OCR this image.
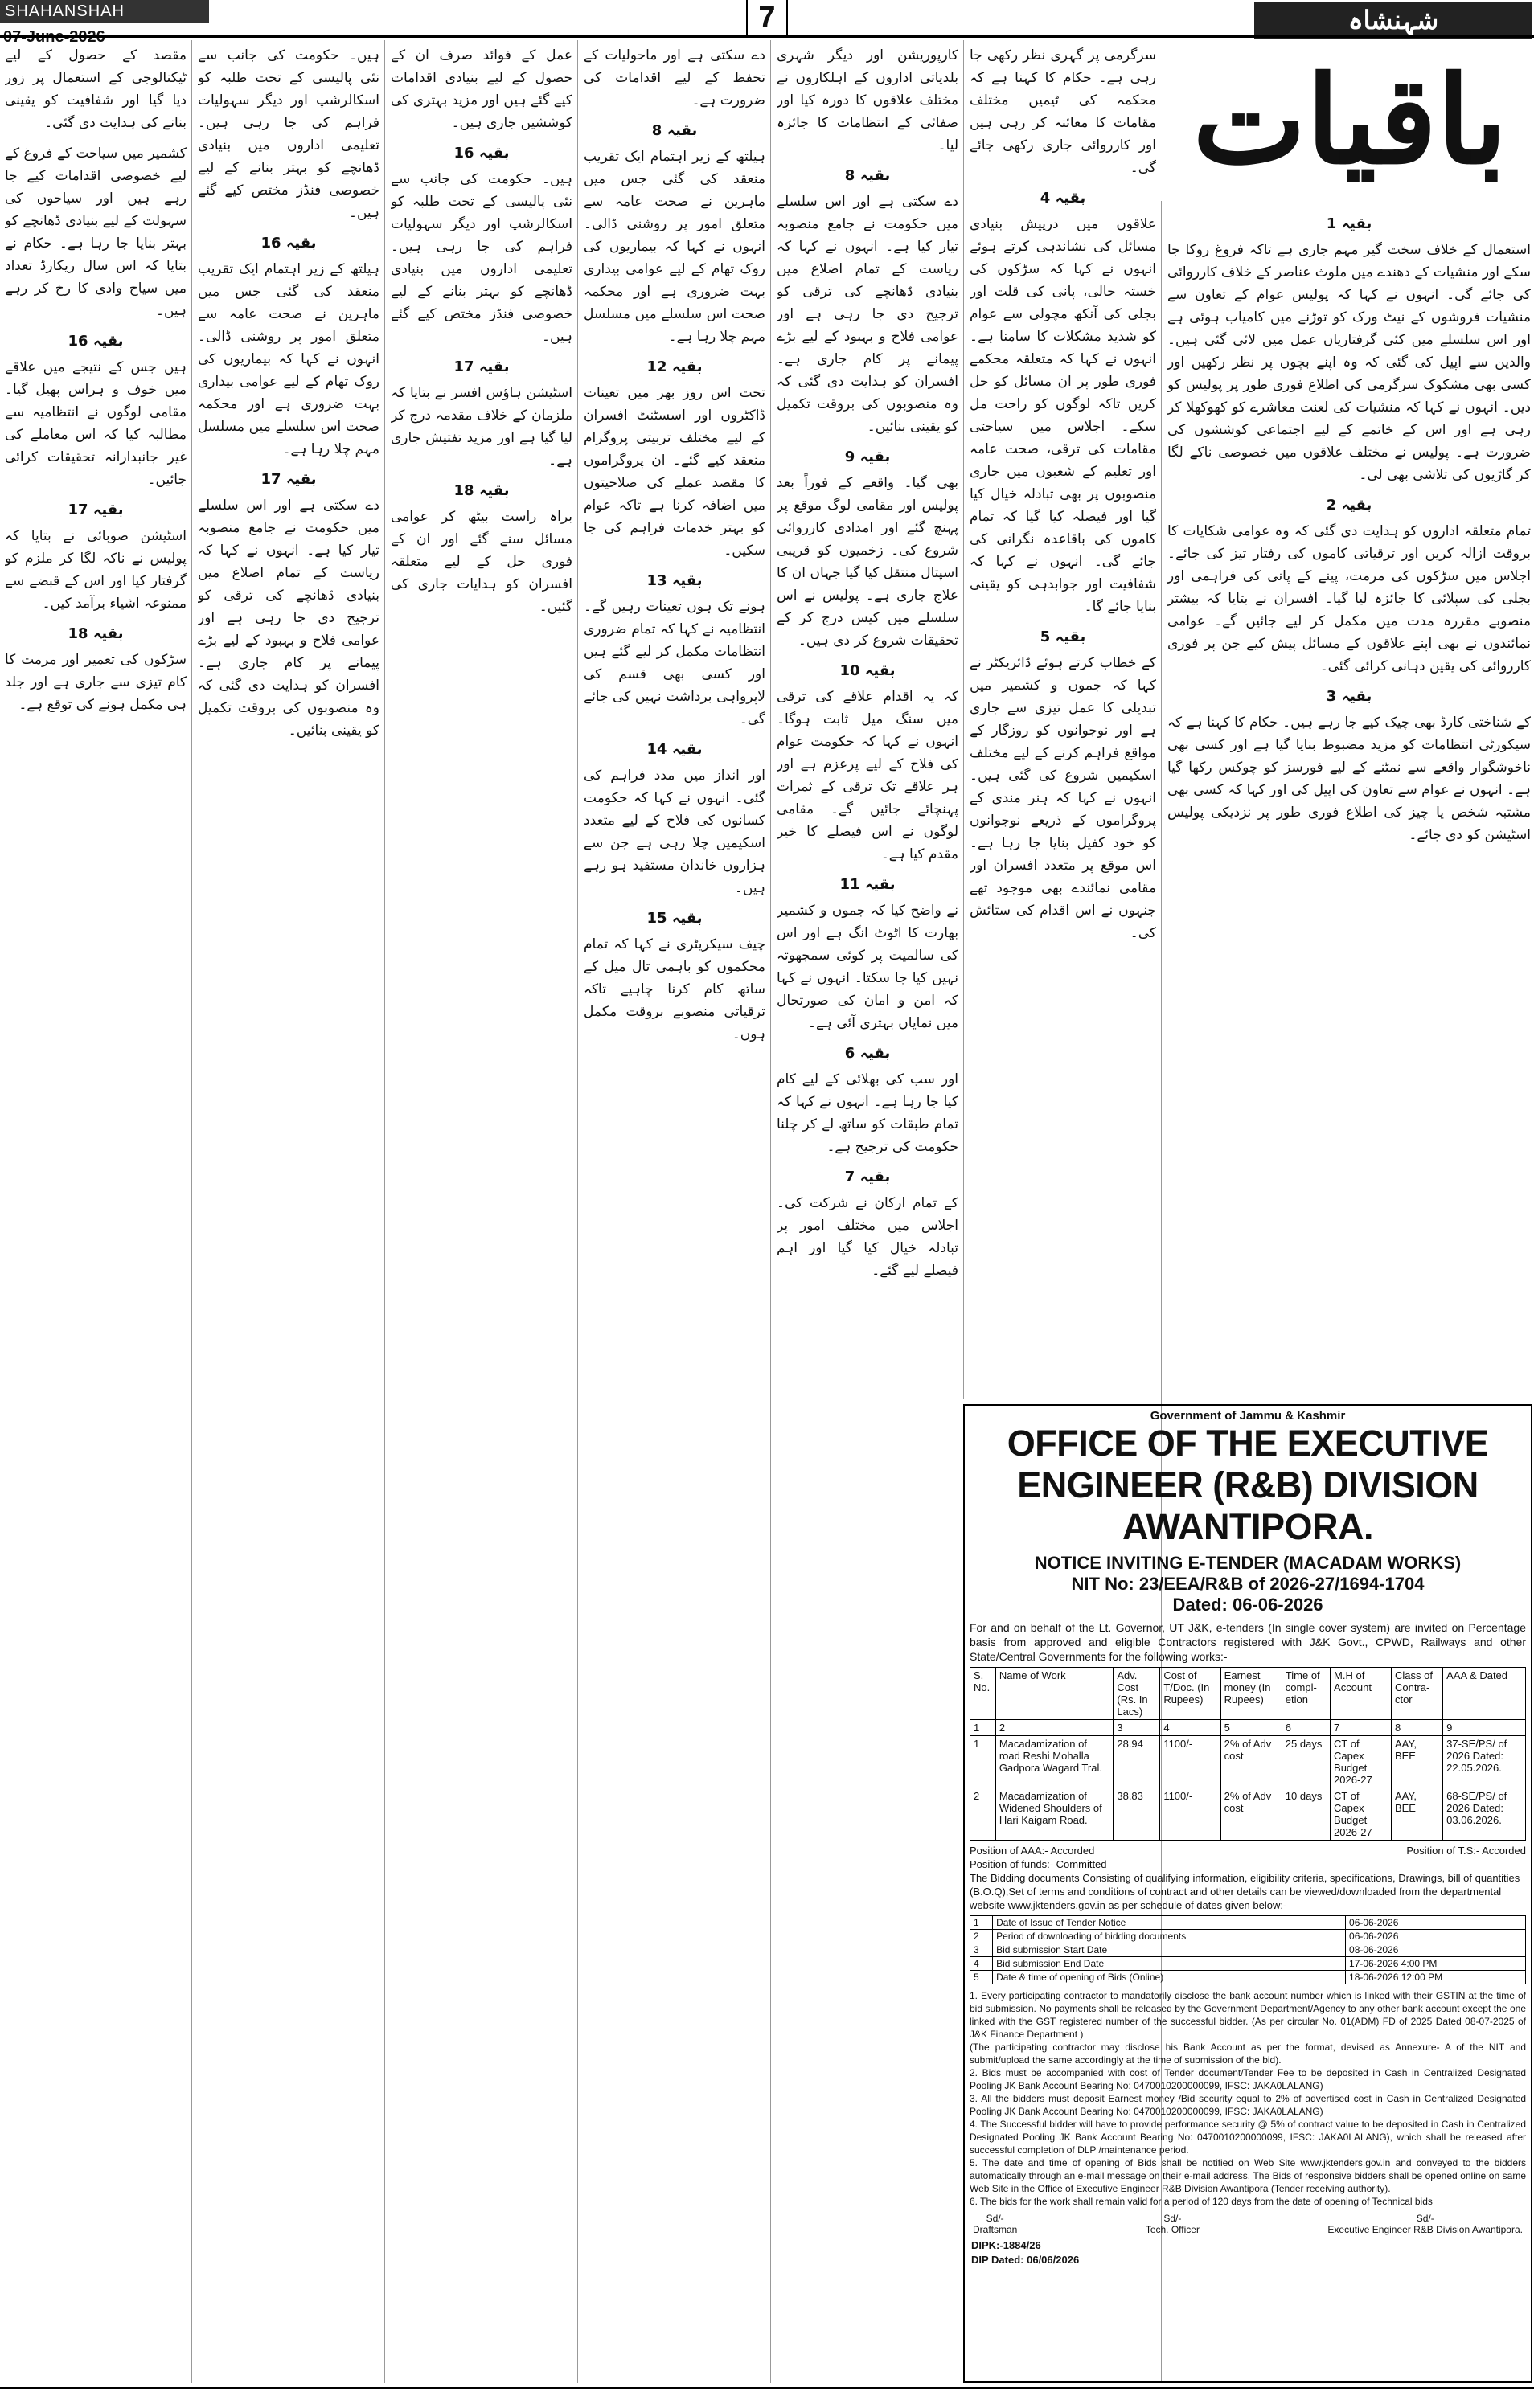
SHAHANSHAH	7	شہنشاہ
باقیات
بقیہ 1
استعمال کے خلاف سخت گیر مہم جاری ہے تاکہ فروغ روکا جا سکے اور منشیات کے دھندے میں ملوث عناصر کے خلاف کارروائی کی جائے گی۔ انہوں نے کہا کہ پولیس عوام کے تعاون سے منشیات فروشوں کے نیٹ ورک کو توڑنے میں کامیاب ہوئی ہے اور اس سلسلے میں کئی گرفتاریاں عمل میں لائی گئی ہیں۔ والدین سے اپیل کی گئی کہ وہ اپنے بچوں پر نظر رکھیں اور کسی بھی مشکوک سرگرمی کی اطلاع فوری طور پر پولیس کو دیں۔ انہوں نے کہا کہ منشیات کی لعنت معاشرے کو کھوکھلا کر رہی ہے اور اس کے خاتمے کے لیے اجتماعی کوششوں کی ضرورت ہے۔ پولیس نے مختلف علاقوں میں خصوصی ناکے لگا کر گاڑیوں کی تلاشی بھی لی۔
بقیہ 2
تمام متعلقہ اداروں کو ہدایت دی گئی کہ وہ عوامی شکایات کا بروقت ازالہ کریں اور ترقیاتی کاموں کی رفتار تیز کی جائے۔ اجلاس میں سڑکوں کی مرمت، پینے کے پانی کی فراہمی اور بجلی کی سپلائی کا جائزہ لیا گیا۔ افسران نے بتایا کہ بیشتر منصوبے مقررہ مدت میں مکمل کر لیے جائیں گے۔ عوامی نمائندوں نے بھی اپنے علاقوں کے مسائل پیش کیے جن پر فوری کارروائی کی یقین دہانی کرائی گئی۔
بقیہ 3
کے شناختی کارڈ بھی چیک کیے جا رہے ہیں۔ حکام کا کہنا ہے کہ سیکورٹی انتظامات کو مزید مضبوط بنایا گیا ہے اور کسی بھی ناخوشگوار واقعے سے نمٹنے کے لیے فورسز کو چوکس رکھا گیا ہے۔ انہوں نے عوام سے تعاون کی اپیل کی اور کہا کہ کسی بھی مشتبہ شخص یا چیز کی اطلاع فوری طور پر نزدیکی پولیس اسٹیشن کو دی جائے۔
سرگرمی پر گہری نظر رکھی جا رہی ہے۔ حکام کا کہنا ہے کہ محکمہ کی ٹیمیں مختلف مقامات کا معائنہ کر رہی ہیں اور کارروائی جاری رکھی جائے گی۔
بقیہ 4
علاقوں میں درپیش بنیادی مسائل کی نشاندہی کرتے ہوئے انہوں نے کہا کہ سڑکوں کی خستہ حالی، پانی کی قلت اور بجلی کی آنکھ مچولی سے عوام کو شدید مشکلات کا سامنا ہے۔ انہوں نے کہا کہ متعلقہ محکمے فوری طور پر ان مسائل کو حل کریں تاکہ لوگوں کو راحت مل سکے۔ اجلاس میں سیاحتی مقامات کی ترقی، صحت عامہ اور تعلیم کے شعبوں میں جاری منصوبوں پر بھی تبادلہ خیال کیا گیا اور فیصلہ کیا گیا کہ تمام کاموں کی باقاعدہ نگرانی کی جائے گی۔ انہوں نے کہا کہ شفافیت اور جوابدہی کو یقینی بنایا جائے گا۔
بقیہ 5
کے خطاب کرتے ہوئے ڈائریکٹر نے کہا کہ جموں و کشمیر میں تبدیلی کا عمل تیزی سے جاری ہے اور نوجوانوں کو روزگار کے مواقع فراہم کرنے کے لیے مختلف اسکیمیں شروع کی گئی ہیں۔ انہوں نے کہا کہ ہنر مندی کے پروگراموں کے ذریعے نوجوانوں کو خود کفیل بنایا جا رہا ہے۔ اس موقع پر متعدد افسران اور مقامی نمائندے بھی موجود تھے جنہوں نے اس اقدام کی ستائش کی۔
کارپوریشن اور دیگر شہری بلدیاتی اداروں کے اہلکاروں نے مختلف علاقوں کا دورہ کیا اور صفائی کے انتظامات کا جائزہ لیا۔
بقیہ 8
دے سکتی ہے اور اس سلسلے میں حکومت نے جامع منصوبہ تیار کیا ہے۔ انہوں نے کہا کہ ریاست کے تمام اضلاع میں بنیادی ڈھانچے کی ترقی کو ترجیح دی جا رہی ہے اور عوامی فلاح و بہبود کے لیے بڑے پیمانے پر کام جاری ہے۔ افسران کو ہدایت دی گئی کہ وہ منصوبوں کی بروقت تکمیل کو یقینی بنائیں۔
بقیہ 9
بھی گیا۔ واقعے کے فوراً بعد پولیس اور مقامی لوگ موقع پر پہنچ گئے اور امدادی کارروائی شروع کی۔ زخمیوں کو قریبی اسپتال منتقل کیا گیا جہاں ان کا علاج جاری ہے۔ پولیس نے اس سلسلے میں کیس درج کر کے تحقیقات شروع کر دی ہیں۔
بقیہ 10
کہ یہ اقدام علاقے کی ترقی میں سنگ میل ثابت ہوگا۔ انہوں نے کہا کہ حکومت عوام کی فلاح کے لیے پرعزم ہے اور ہر علاقے تک ترقی کے ثمرات پہنچائے جائیں گے۔ مقامی لوگوں نے اس فیصلے کا خیر مقدم کیا ہے۔
بقیہ 11
نے واضح کیا کہ جموں و کشمیر بھارت کا اٹوٹ انگ ہے اور اس کی سالمیت پر کوئی سمجھوتہ نہیں کیا جا سکتا۔ انہوں نے کہا کہ امن و امان کی صورتحال میں نمایاں بہتری آئی ہے۔
بقیہ 6
اور سب کی بھلائی کے لیے کام کیا جا رہا ہے۔ انہوں نے کہا کہ تمام طبقات کو ساتھ لے کر چلنا حکومت کی ترجیح ہے۔
بقیہ 7
کے تمام ارکان نے شرکت کی۔ اجلاس میں مختلف امور پر تبادلہ خیال کیا گیا اور اہم فیصلے لیے گئے۔
دے سکتی ہے اور ماحولیات کے تحفظ کے لیے اقدامات کی ضرورت ہے۔
بقیہ 8
ہیلتھ کے زیر اہتمام ایک تقریب منعقد کی گئی جس میں ماہرین نے صحت عامہ سے متعلق امور پر روشنی ڈالی۔ انہوں نے کہا کہ بیماریوں کی روک تھام کے لیے عوامی بیداری بہت ضروری ہے اور محکمہ صحت اس سلسلے میں مسلسل مہم چلا رہا ہے۔
بقیہ 12
تحت اس روز بھر میں تعینات ڈاکٹروں اور اسسٹنٹ افسران کے لیے مختلف تربیتی پروگرام منعقد کیے گئے۔ ان پروگراموں کا مقصد عملے کی صلاحیتوں میں اضافہ کرنا ہے تاکہ عوام کو بہتر خدمات فراہم کی جا سکیں۔
بقیہ 13
ہونے تک ہوں تعینات رہیں گے۔ انتظامیہ نے کہا کہ تمام ضروری انتظامات مکمل کر لیے گئے ہیں اور کسی بھی قسم کی لاپرواہی برداشت نہیں کی جائے گی۔
بقیہ 14
اور انداز میں مدد فراہم کی گئی۔ انہوں نے کہا کہ حکومت کسانوں کی فلاح کے لیے متعدد اسکیمیں چلا رہی ہے جن سے ہزاروں خاندان مستفید ہو رہے ہیں۔
بقیہ 15
چیف سیکریٹری نے کہا کہ تمام محکموں کو باہمی تال میل کے ساتھ کام کرنا چاہیے تاکہ ترقیاتی منصوبے بروقت مکمل ہوں۔
عمل کے فوائد صرف ان کے حصول کے لیے بنیادی اقدامات کیے گئے ہیں اور مزید بہتری کی کوششیں جاری ہیں۔
بقیہ 16
ہیں۔ حکومت کی جانب سے نئی پالیسی کے تحت طلبہ کو اسکالرشپ اور دیگر سہولیات فراہم کی جا رہی ہیں۔ تعلیمی اداروں میں بنیادی ڈھانچے کو بہتر بنانے کے لیے خصوصی فنڈز مختص کیے گئے ہیں۔
بقیہ 17
اسٹیشن ہاؤس افسر نے بتایا کہ ملزمان کے خلاف مقدمہ درج کر لیا گیا ہے اور مزید تفتیش جاری ہے۔
بقیہ 18
براہ راست بیٹھ کر عوامی مسائل سنے گئے اور ان کے فوری حل کے لیے متعلقہ افسران کو ہدایات جاری کی گئیں۔
مقصد کے حصول کے لیے ٹیکنالوجی کے استعمال پر زور دیا گیا اور شفافیت کو یقینی بنانے کی ہدایت دی گئی۔
کشمیر میں سیاحت کے فروغ کے لیے خصوصی اقدامات کیے جا رہے ہیں اور سیاحوں کی سہولت کے لیے بنیادی ڈھانچے کو بہتر بنایا جا رہا ہے۔ حکام نے بتایا کہ اس سال ریکارڈ تعداد میں سیاح وادی کا رخ کر رہے ہیں۔
بقیہ 16
ہیں جس کے نتیجے میں علاقے میں خوف و ہراس پھیل گیا۔ مقامی لوگوں نے انتظامیہ سے مطالبہ کیا کہ اس معاملے کی غیر جانبدارانہ تحقیقات کرائی جائیں۔
بقیہ 17
اسٹیشن صوبائی نے بتایا کہ پولیس نے ناکہ لگا کر ملزم کو گرفتار کیا اور اس کے قبضے سے ممنوعہ اشیاء برآمد کیں۔
بقیہ 18
سڑکوں کی تعمیر اور مرمت کا کام تیزی سے جاری ہے اور جلد ہی مکمل ہونے کی توقع ہے۔
ہیں۔ حکومت کی جانب سے نئی پالیسی کے تحت طلبہ کو اسکالرشپ اور دیگر سہولیات فراہم کی جا رہی ہیں۔ تعلیمی اداروں میں بنیادی ڈھانچے کو بہتر بنانے کے لیے خصوصی فنڈز مختص کیے گئے ہیں۔
بقیہ 16
ہیلتھ کے زیر اہتمام ایک تقریب منعقد کی گئی جس میں ماہرین نے صحت عامہ سے متعلق امور پر روشنی ڈالی۔ انہوں نے کہا کہ بیماریوں کی روک تھام کے لیے عوامی بیداری بہت ضروری ہے اور محکمہ صحت اس سلسلے میں مسلسل مہم چلا رہا ہے۔
بقیہ 17
دے سکتی ہے اور اس سلسلے میں حکومت نے جامع منصوبہ تیار کیا ہے۔ انہوں نے کہا کہ ریاست کے تمام اضلاع میں بنیادی ڈھانچے کی ترقی کو ترجیح دی جا رہی ہے اور عوامی فلاح و بہبود کے لیے بڑے پیمانے پر کام جاری ہے۔ افسران کو ہدایت دی گئی کہ وہ منصوبوں کی بروقت تکمیل کو یقینی بنائیں۔
Government of Jammu & Kashmir
OFFICE OF THE EXECUTIVE ENGINEER (R&B) DIVISION AWANTIPORA.
NOTICE INVITING E-TENDER (MACADAM WORKS)
NIT No: 23/EEA/R&B of 2026-27/1694-1704
Dated: 06-06-2026
For and on behalf of the Lt. Governor, UT J&K, e-tenders (In single cover system) are invited on Percentage basis from approved and eligible Contractors registered with J&K Govt., CPWD, Railways and other State/Central Governments for the following works:-
S. No.	Name of Work	Adv. Cost (Rs. In Lacs)	Cost of T/Doc. (In Rupees)	Earnest money (In Rupees)	Time of compl-etion	M.H of Account	Class of Contra-ctor	AAA & Dated
1	2	3	4	5	6	7	8	9
1	Macadamization of road Reshi Mohalla Gadpora Wagard Tral.	28.94	1100/-	2% of Adv cost	25 days	CT of Capex Budget 2026-27	AAY, BEE	37-SE/PS/ of 2026 Dated: 22.05.2026.
2	Macadamization of Widened Shoulders of Hari Kaigam Road.	38.83	1100/-	2% of Adv cost	10 days	CT of Capex Budget 2026-27	AAY, BEE	68-SE/PS/ of 2026 Dated: 03.06.2026.
Position of AAA:- Accorded	Position of T.S:- Accorded
Position of funds:- Committed
The Bidding documents Consisting of qualifying information, eligibility criteria, specifications, Drawings, bill of quantities (B.O.Q),Set of terms and conditions of contract and other details can be viewed/downloaded from the departmental website www.jktenders.gov.in as per schedule of dates given below:-
1	Date of Issue of Tender Notice	06-06-2026
2	Period of downloading of bidding documents	06-06-2026
3	Bid submission Start Date	08-06-2026
4	Bid submission End Date	17-06-2026 4:00 PM
5	Date & time of opening of Bids (Online)	18-06-2026 12:00 PM
1. Every participating contractor to mandatorily disclose the bank account number which is linked with their GSTIN at the time of bid submission. No payments shall be released by the Government Department/Agency to any other bank account except the one linked with the GST registered number of the successful bidder. (As per circular No. 01(ADM) FD of 2025 Dated 08-07-2025 of J&K Finance Department )
(The participating contractor may disclose his Bank Account as per the format, devised as Annexure- A of the NIT and submit/upload the same accordingly at the time of submission of the bid).
2. Bids must be accompanied with cost of Tender document/Tender Fee to be deposited in Cash in Centralized Designated Pooling JK Bank Account Bearing No: 0470010200000099, IFSC: JAKA0LALANG)
3. All the bidders must deposit Earnest money /Bid security equal to 2% of advertised cost in Cash in Centralized Designated Pooling JK Bank Account Bearing No: 0470010200000099, IFSC: JAKA0LALANG)
4. The Successful bidder will have to provide performance security @ 5% of contract value to be deposited in Cash in Centralized Designated Pooling JK Bank Account Bearing No: 0470010200000099, IFSC: JAKA0LALANG), which shall be released after successful completion of DLP /maintenance period.
5. The date and time of opening of Bids shall be notified on Web Site www.jktenders.gov.in and conveyed to the bidders automatically through an e-mail message on their e-mail address. The Bids of responsive bidders shall be opened online on same Web Site in the Office of Executive Engineer R&B Division Awantipora (Tender receiving authority).
6. The bids for the work shall remain valid for a period of 120 days from the date of opening of Technical bids
Sd/-
Draftsman
Sd/-
Tech. Officer
Sd/-
Executive Engineer R&B Division Awantipora.
DIPK:-1884/26
DIP Dated: 06/06/2026
